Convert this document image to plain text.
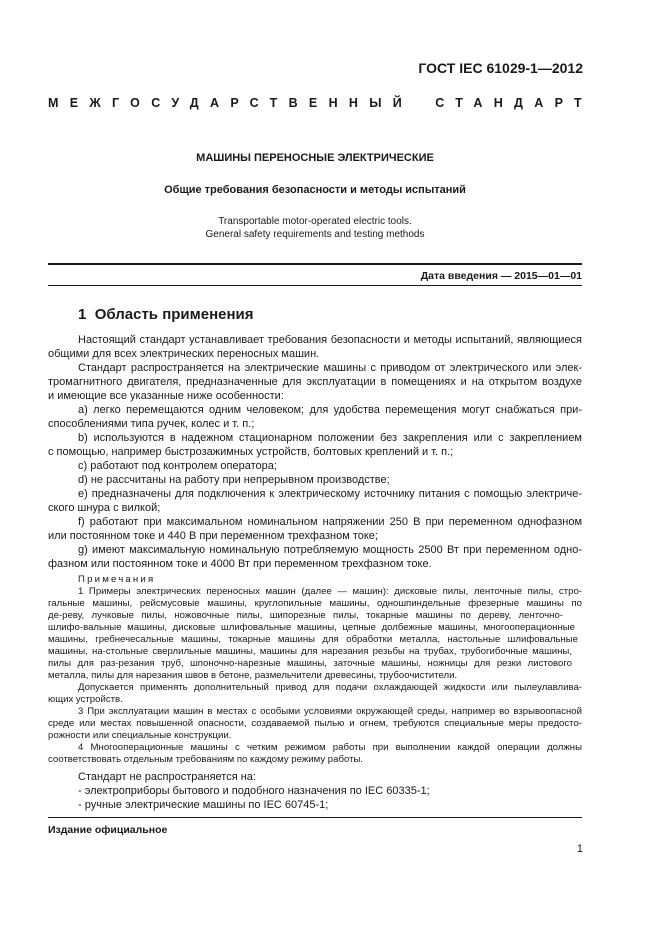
ГОСТ IEC 61029-1—2012
МЕЖГОСУДАРСТВЕННЫЙ СТАНДАРТ
МАШИНЫ ПЕРЕНОСНЫЕ ЭЛЕКТРИЧЕСКИЕ
Общие требования безопасности и методы испытаний
Transportable motor-operated electric tools.
General safety requirements and testing methods
Дата введения — 2015—01—01
1 Область применения
Настоящий стандарт устанавливает требования безопасности и методы испытаний, являющиеся
общими для всех электрических переносных машин.
Стандарт распространяется на электрические машины с приводом от электрического или элек-
тромагнитного двигателя, предназначенные для эксплуатации в помещениях и на открытом воздухе
и имеющие все указанные ниже особенности:
а) легко перемещаются одним человеком; для удобства перемещения могут снабжаться при-
способлениями типа ручек, колес и т. п.;
b) используются в надежном стационарном положении без закрепления или с закреплением
с помощью, например быстрозажимных устройств, болтовых креплений и т. п.;
c) работают под контролем оператора;
d) не рассчитаны на работу при непрерывном производстве;
e) предназначены для подключения к электрическому источнику питания с помощью электриче-
ского шнура с вилкой;
f) работают при максимальном номинальном напряжении 250 В при переменном однофазном
или постоянном токе и 440 В при переменном трехфазном токе;
g) имеют максимальную номинальную потребляемую мощность 2500 Вт при переменном одно-
фазном или постоянном токе и 4000 Вт при переменном трехфазном токе.
Примечания
1 Примеры электрических переносных машин (далее — машин): дисковые пилы, ленточные пилы, стро-
гальные машины, рейсмусовые машины, круглопильные машины, одношпиндельные фрезерные машины по
де-реву, лучковые пилы, ножовочные пилы, шипорезные пилы, токарные машины по дереву, ленточно-
шлифо-вальные машины, дисковые шлифовальные машины, цепные долбежные машины, многооперационные
машины, гребнечесальные машины, токарные машины для обработки металла, настольные шлифовальные
машины, на-стольные сверлильные машины, машины для нарезания резьбы на трубах, трубогибочные машины,
пилы для раз-резания труб, шпоночно-нарезные машины, заточные машины, ножницы для резки листового
металла, пилы для нарезания швов в бетоне, размельчители древесины, трубоочистители.
Допускается применять дополнительный привод для подачи охлаждающей жидкости или пылеулавлива-
ющих устройств.
3 При эксплуатации машин в местах с особыми условиями окружающей среды, например во взрывоопасной
среде или местах повышенной опасности, создаваемой пылью и огнем, требуются специальные меры предосто-
рожности или специальные конструкции.
4 Многооперационные машины с четким режимом работы при выполнении каждой операции должны
соответствовать отдельным требованиям по каждому режиму работы.
Стандарт не распространяется на:
- электроприборы бытового и подобного назначения по IEC 60335-1;
- ручные электрические машины по IEC 60745-1;
Издание официальное
1
